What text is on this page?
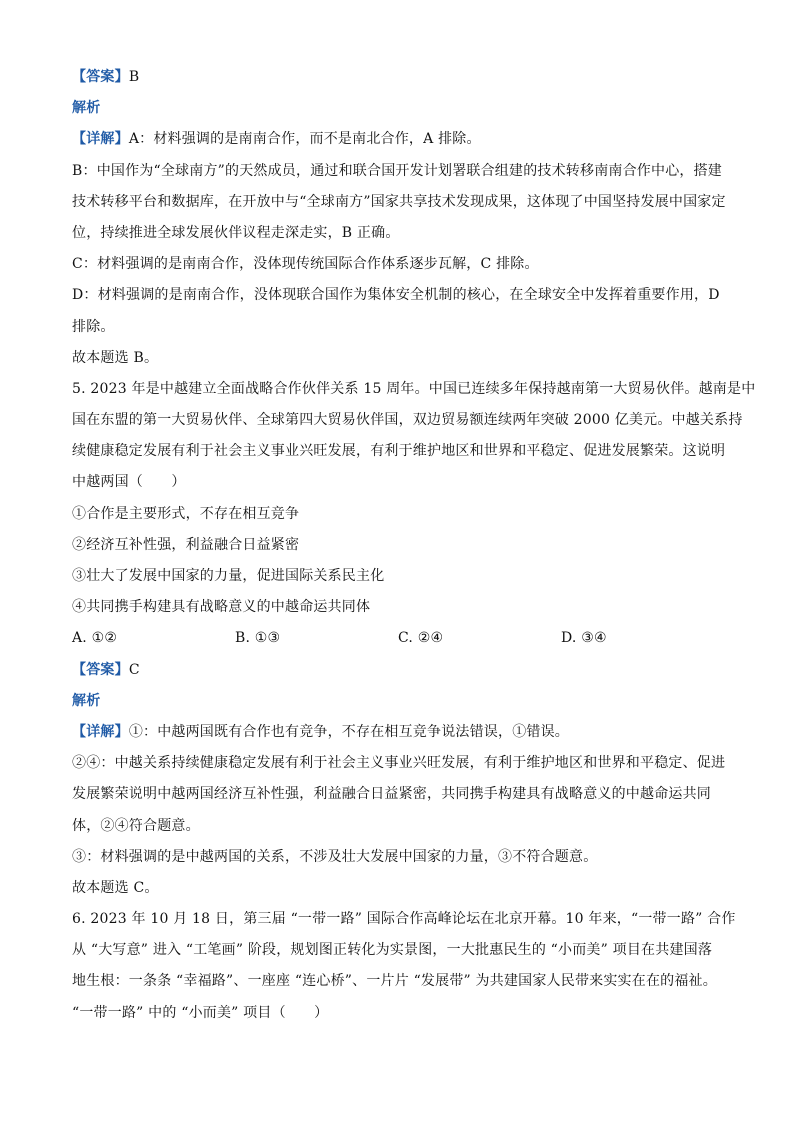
【答案】B
解析
【详解】A：材料强调的是南南合作，而不是南北合作，A 排除。
B：中国作为“全球南方”的天然成员，通过和联合国开发计划署联合组建的技术转移南南合作中心，搭建
技术转移平台和数据库，在开放中与“全球南方”国家共享技术发现成果，这体现了中国坚持发展中国家定
位，持续推进全球发展伙伴议程走深走实，B 正确。
C：材料强调的是南南合作，没体现传统国际合作体系逐步瓦解，C 排除。
D：材料强调的是南南合作，没体现联合国作为集体安全机制的核心，在全球安全中发挥着重要作用，D
排除。
故本题选 B。
5. 2023 年是中越建立全面战略合作伙伴关系 15 周年。中国已连续多年保持越南第一大贸易伙伴。越南是中
国在东盟的第一大贸易伙伴、全球第四大贸易伙伴国，双边贸易额连续两年突破 2000 亿美元。中越关系持
续健康稳定发展有利于社会主义事业兴旺发展，有利于维护地区和世界和平稳定、促进发展繁荣。这说明
中越两国（　　）
①合作是主要形式，不存在相互竞争
②经济互补性强，利益融合日益紧密
③壮大了发展中国家的力量，促进国际关系民主化
④共同携手构建具有战略意义的中越命运共同体
A. ①②	B. ①③	C. ②④	D. ③④
【答案】C
解析
【详解】①：中越两国既有合作也有竞争，不存在相互竞争说法错误，①错误。
②④：中越关系持续健康稳定发展有利于社会主义事业兴旺发展，有利于维护地区和世界和平稳定、促进
发展繁荣说明中越两国经济互补性强，利益融合日益紧密，共同携手构建具有战略意义的中越命运共同
体，②④符合题意。
③：材料强调的是中越两国的关系，不涉及壮大发展中国家的力量，③不符合题意。
故本题选 C。
6. 2023 年 10 月 18 日，第三届 “一带一路” 国际合作高峰论坛在北京开幕。10 年来，“一带一路” 合作
从 “大写意” 进入 “工笔画” 阶段，规划图正转化为实景图，一大批惠民生的 “小而美” 项目在共建国落
地生根：一条条 “幸福路”、一座座 “连心桥”、一片片 “发展带” 为共建国家人民带来实实在在的福祉。
“一带一路” 中的 “小而美” 项目（　　）
